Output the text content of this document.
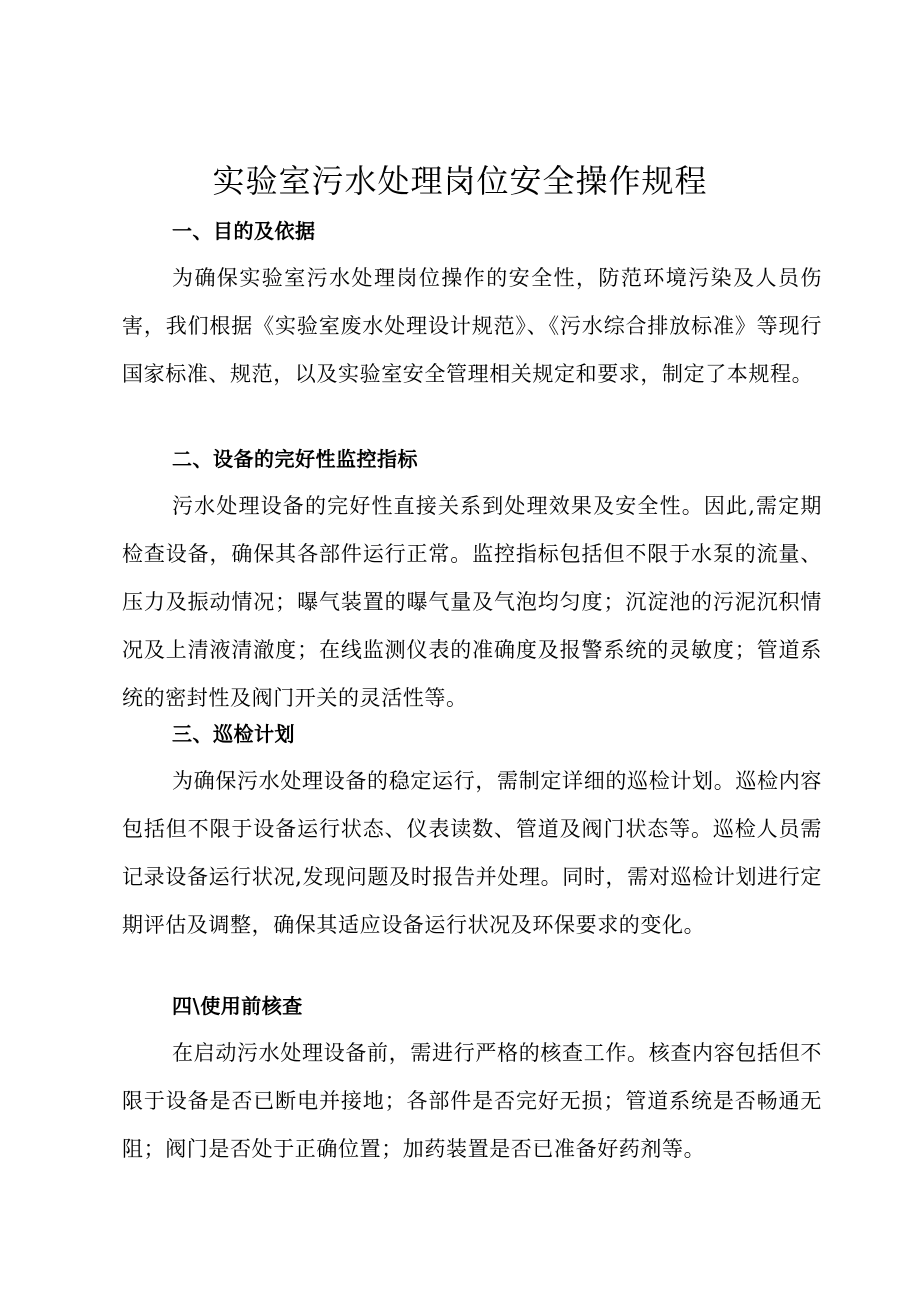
实验室污水处理岗位安全操作规程
一、目的及依据

为确保实验室污水处理岗位操作的安全性，防范环境污染及人员伤害，我们根据《实验室废水处理设计规范》、《污水综合排放标准》等现行国家标准、规范，以及实验室安全管理相关规定和要求，制定了本规程。

二、设备的完好性监控指标

污水处理设备的完好性直接关系到处理效果及安全性。因此,需定期检查设备，确保其各部件运行正常。监控指标包括但不限于水泵的流量、压力及振动情况；曝气装置的曝气量及气泡均匀度；沉淀池的污泥沉积情况及上清液清澈度；在线监测仪表的准确度及报警系统的灵敏度；管道系统的密封性及阀门开关的灵活性等。

三、巡检计划

为确保污水处理设备的稳定运行，需制定详细的巡检计划。巡检内容包括但不限于设备运行状态、仪表读数、管道及阀门状态等。巡检人员需记录设备运行状况,发现问题及时报告并处理。同时，需对巡检计划进行定期评估及调整，确保其适应设备运行状况及环保要求的变化。

四\使用前核查

在启动污水处理设备前，需进行严格的核查工作。核查内容包括但不限于设备是否已断电并接地；各部件是否完好无损；管道系统是否畅通无阻；阀门是否处于正确位置；加药装置是否已准备好药剂等。
